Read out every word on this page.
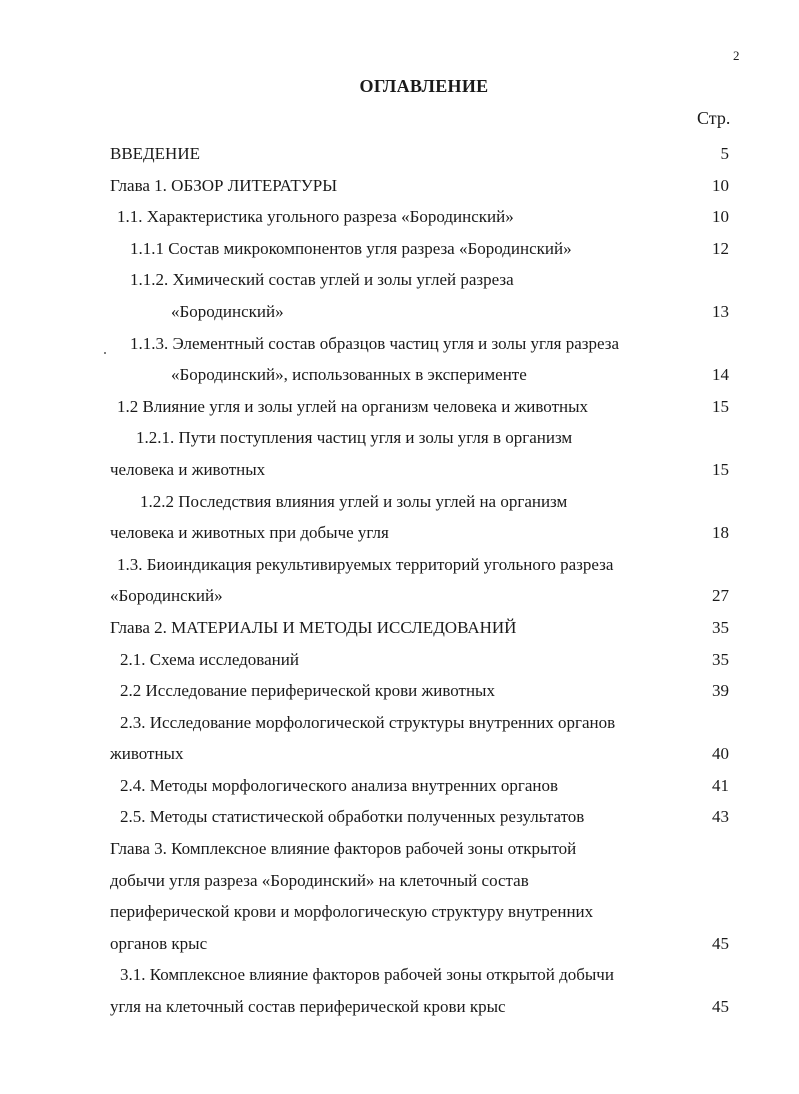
2
ОГЛАВЛЕНИЕ
Стр.
ВВЕДЕНИЕ	5
Глава 1. ОБЗОР ЛИТЕРАТУРЫ	10
1.1. Характеристика угольного разреза «Бородинский»	10
1.1.1 Состав микрокомпонентов угля разреза «Бородинский»	12
1.1.2. Химический состав углей и золы углей разреза
«Бородинский»	13
1.1.3. Элементный состав образцов частиц угля и золы угля разреза
«Бородинский», использованных в эксперименте	14
1.2 Влияние угля и золы углей на организм человека и животных	15
1.2.1. Пути поступления частиц угля и золы угля в организм
человека и животных	15
1.2.2 Последствия влияния углей и золы углей на организм
человека и животных при добыче угля	18
1.3. Биоиндикация рекультивируемых территорий угольного разреза
«Бородинский»	27
Глава 2. МАТЕРИАЛЫ И МЕТОДЫ ИССЛЕДОВАНИЙ	35
2.1. Схема исследований	35
2.2 Исследование периферической крови животных	39
2.3. Исследование морфологической структуры внутренних органов
животных	40
2.4. Методы морфологического анализа внутренних органов	41
2.5. Методы статистической обработки полученных результатов	43
Глава 3. Комплексное влияние факторов рабочей зоны открытой
добычи угля разреза «Бородинский» на клеточный состав
периферической крови и морфологическую структуру внутренних
органов крыс	45
3.1. Комплексное влияние факторов рабочей зоны открытой добычи
угля на клеточный состав периферической крови крыс	45
